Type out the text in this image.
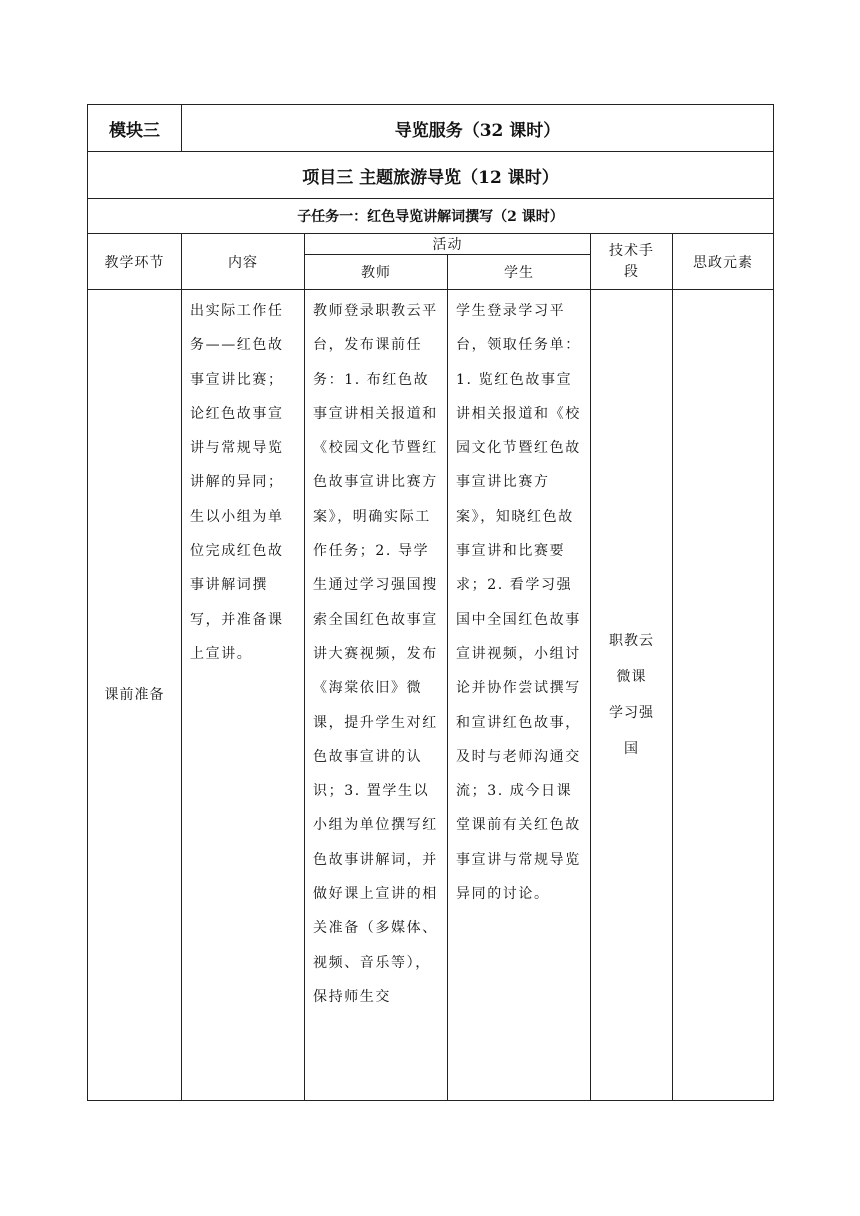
模块三	导览服务（32 课时）				
项目三 主题旅游导览（12 课时）					
子任务一：红色导览讲解词撰写（2 课时）					
教学环节	内容	活动		技术手段	思政元素
		教师	学生		
课前准备	出实际工作任务——红色故事宣讲比赛；论红色故事宣讲与常规导览讲解的异同；生以小组为单位完成红色故事讲解词撰写，并准备课上宣讲。	教师登录职教云平台，发布课前任务：1. 布红色故事宣讲相关报道和《校园文化节暨红色故事宣讲比赛方案》，明确实际工作任务；2. 导学生通过学习强国搜索全国红色故事宣讲大赛视频，发布《海棠依旧》微课，提升学生对红色故事宣讲的认识；3. 置学生以小组为单位撰写红色故事讲解词，并做好课上宣讲的相关准备（多媒体、视频、音乐等），保持师生交	学生登录学习平台，领取任务单：1. 览红色故事宣讲相关报道和《校园文化节暨红色故事宣讲比赛方案》，知晓红色故事宣讲和比赛要求；2. 看学习强国中全国红色故事宣讲视频，小组讨论并协作尝试撰写和宣讲红色故事，及时与老师沟通交流；3. 成今日课堂课前有关红色故事宣讲与常规导览异同的讨论。	职教云
微课
学习强
国	
